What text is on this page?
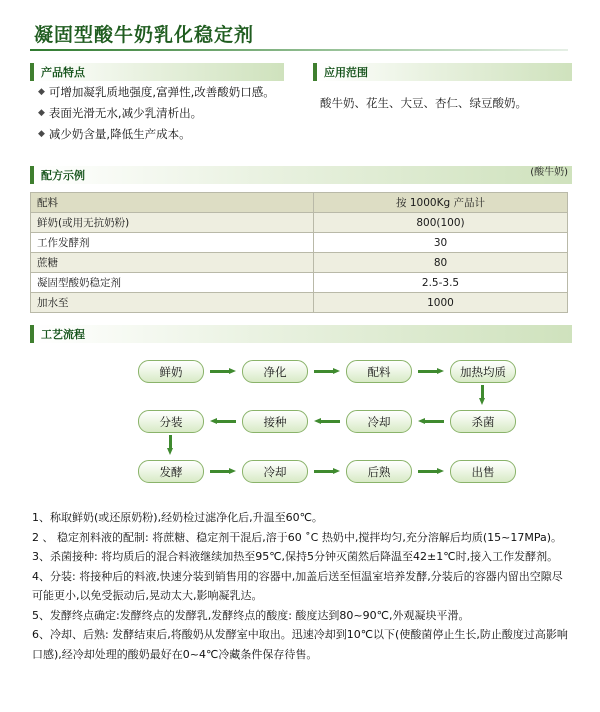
凝固型酸牛奶乳化稳定剂
产品特点
◆ 可增加凝乳质地强度,富弹性,改善酸奶口感。
◆ 表面光滑无水,减少乳清析出。
◆ 减少奶含量,降低生产成本。
应用范围
酸牛奶、花生、大豆、杏仁、绿豆酸奶。
配方示例	(酸牛奶)
配料	按 1000Kg 产品计
鲜奶(或用无抗奶粉)	800(100)
工作发酵剂	30
蔗糖	80
凝固型酸奶稳定剂	2.5-3.5
加水至	1000
工艺流程
鲜奶	净化	配料	加热均质
分装	接种	冷却	杀菌
发酵	冷却	后熟	出售

1、称取鲜奶(或还原奶粉),经奶检过滤净化后,升温至60℃。

2 、 稳定剂料液的配制: 将蔗糖、稳定剂干混后,溶于60 ˚C 热奶中,搅拌均匀,充分溶解后均质(15~17MPa)。

3、杀菌接种: 将均质后的混合料液继续加热至95℃,保持5分钟灭菌然后降温至42±1℃时,接入工作发酵剂。

4、分装: 将接种后的料液,快速分装到销售用的容器中,加盖后送至恒温室培养发酵,分装后的容器内留出空隙尽可能更小,以免受振动后,晃动太大,影响凝乳达。

5、发酵终点确定:发酵终点的发酵乳,发酵终点的酸度: 酸度达到80~90℃,外观凝块平滑。

6、冷却、后熟: 发酵结束后,将酸奶从发酵室中取出。迅速冷却到10℃以下(使酸菌停止生长,防止酸度过高影响口感),经冷却处理的酸奶最好在0~4℃冷藏条件保存待售。
